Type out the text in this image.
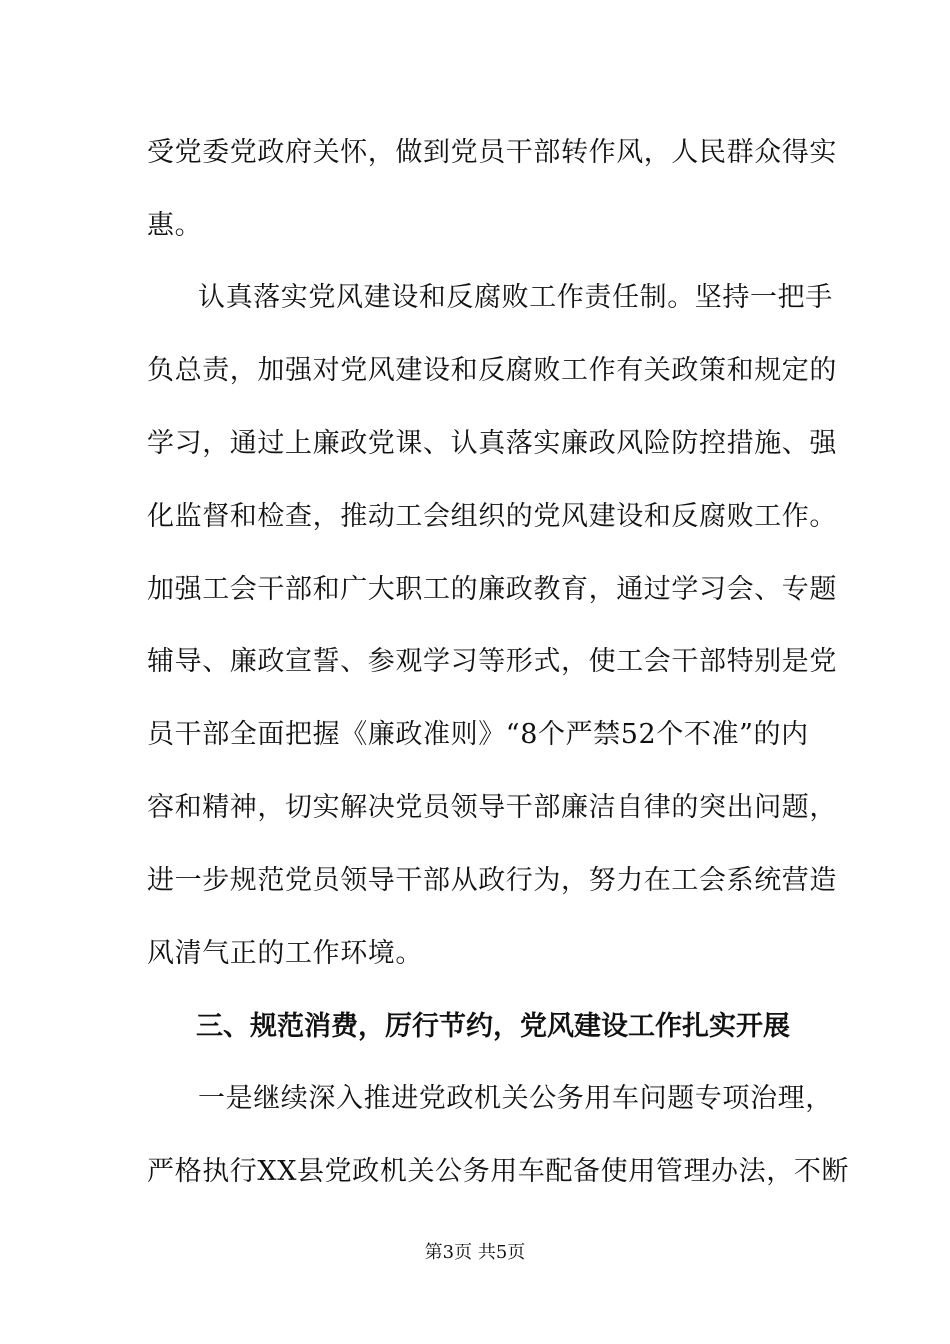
受党委党政府关怀，做到党员干部转作风，人民群众得实
惠。
认真落实党风建设和反腐败工作责任制。坚持一把手
负总责，加强对党风建设和反腐败工作有关政策和规定的
学习，通过上廉政党课、认真落实廉政风险防控措施、强
化监督和检查，推动工会组织的党风建设和反腐败工作。
加强工会干部和广大职工的廉政教育，通过学习会、专题
辅导、廉政宣誓、参观学习等形式，使工会干部特别是党
员干部全面把握《廉政准则》“8个严禁52个不准”的内
容和精神，切实解决党员领导干部廉洁自律的突出问题，
进一步规范党员领导干部从政行为，努力在工会系统营造
风清气正的工作环境。
三、规范消费，厉行节约，党风建设工作扎实开展
一是继续深入推进党政机关公务用车问题专项治理，
严格执行XX县党政机关公务用车配备使用管理办法，不断
第3页 共5页
